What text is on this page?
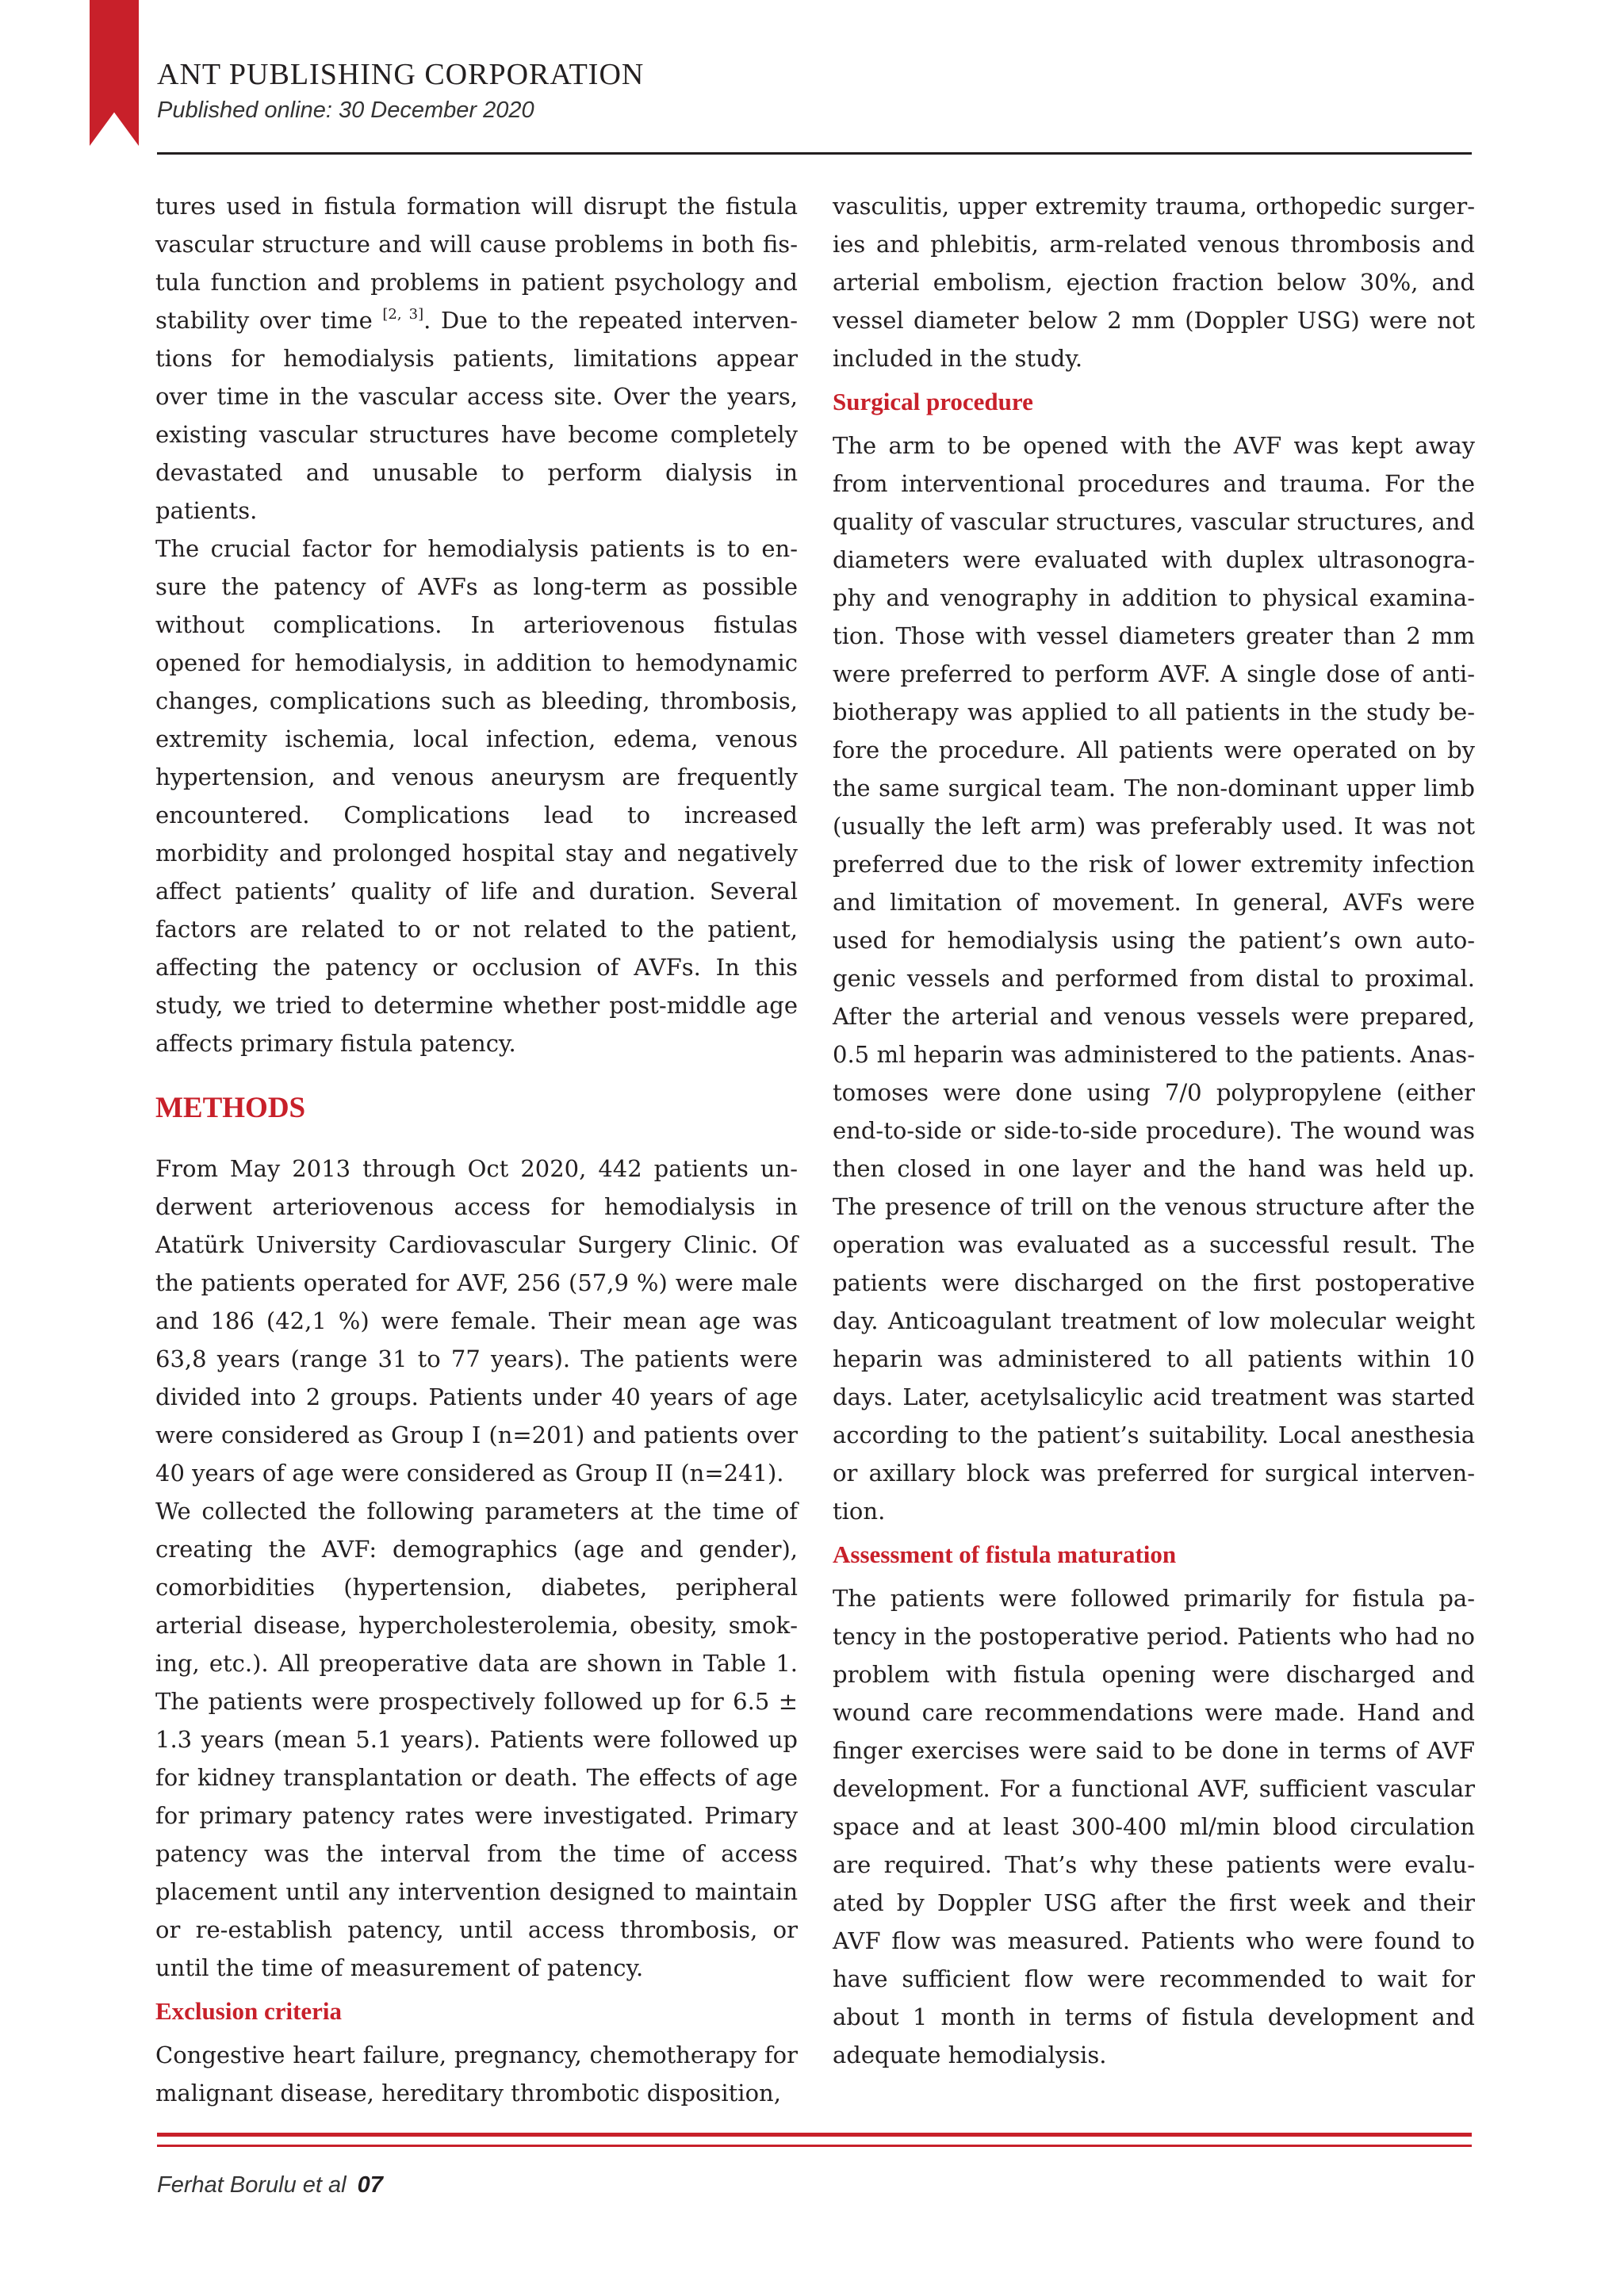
ANT PUBLISHING CORPORATION
Published online: 30 December 2020

tures used in fistula formation will disrupt the fistula vascular structure and will cause problems in both fistula function and problems in patient psychology and stability over time [2, 3]. Due to the repeated interventions for hemodialysis patients, limitations appear over time in the vascular access site. Over the years, existing vascular structures have become completely devastated and unusable to perform dialysis in patients.

The crucial factor for hemodialysis patients is to ensure the patency of AVFs as long-term as possible without complications. In arteriovenous fistulas opened for hemodialysis, in addition to hemodynamic changes, complications such as bleeding, thrombosis, extremity ischemia, local infection, edema, venous hypertension, and venous aneurysm are frequently encountered. Complications lead to increased morbidity and prolonged hospital stay and negatively affect patients’ quality of life and duration. Several factors are related to or not related to the patient, affecting the patency or occlusion of AVFs. In this study, we tried to determine whether post-middle age affects primary fistula patency.

METHODS

From May 2013 through Oct 2020, 442 patients underwent arteriovenous access for hemodialysis in Atatürk University Cardiovascular Surgery Clinic. Of the patients operated for AVF, 256 (57,9 %) were male and 186 (42,1 %) were female. Their mean age was 63,8 years (range 31 to 77 years). The patients were divided into 2 groups. Patients under 40 years of age were considered as Group I (n=201) and patients over 40 years of age were considered as Group II (n=241).

We collected the following parameters at the time of creating the AVF: demographics (age and gender), comorbidities (hypertension, diabetes, peripheral arterial disease, hypercholesterolemia, obesity, smoking, etc.). All preoperative data are shown in Table 1. The patients were prospectively followed up for 6.5 ± 1.3 years (mean 5.1 years). Patients were followed up for kidney transplantation or death. The effects of age for primary patency rates were investigated. Primary patency was the interval from the time of access placement until any intervention designed to maintain or re-establish patency, until access thrombosis, or until the time of measurement of patency.

Exclusion criteria

Congestive heart failure, pregnancy, chemotherapy for malignant disease, hereditary thrombotic disposition,

vasculitis, upper extremity trauma, orthopedic surgeries and phlebitis, arm-related venous thrombosis and arterial embolism, ejection fraction below 30%, and vessel diameter below 2 mm (Doppler USG) were not included in the study.

Surgical procedure

The arm to be opened with the AVF was kept away from interventional procedures and trauma. For the quality of vascular structures, vascular structures, and diameters were evaluated with duplex ultrasonography and venography in addition to physical examination. Those with vessel diameters greater than 2 mm were preferred to perform AVF. A single dose of antibiotherapy was applied to all patients in the study before the procedure. All patients were operated on by the same surgical team. The non-dominant upper limb (usually the left arm) was preferably used. It was not preferred due to the risk of lower extremity infection and limitation of movement. In general, AVFs were used for hemodialysis using the patient’s own autogenic vessels and performed from distal to proximal. After the arterial and venous vessels were prepared, 0.5 ml heparin was administered to the patients. Anastomoses were done using 7/0 polypropylene (either end-to-side or side-to-side procedure). The wound was then closed in one layer and the hand was held up. The presence of trill on the venous structure after the operation was evaluated as a successful result. The patients were discharged on the first postoperative day. Anticoagulant treatment of low molecular weight heparin was administered to all patients within 10 days. Later, acetylsalicylic acid treatment was started according to the patient’s suitability. Local anesthesia or axillary block was preferred for surgical intervention.

Assessment of fistula maturation

The patients were followed primarily for fistula patency in the postoperative period. Patients who had no problem with fistula opening were discharged and wound care recommendations were made. Hand and finger exercises were said to be done in terms of AVF development. For a functional AVF, sufficient vascular space and at least 300-400 ml/min blood circulation are required. That’s why these patients were evaluated by Doppler USG after the first week and their AVF flow was measured. Patients who were found to have sufficient flow were recommended to wait for about 1 month in terms of fistula development and adequate hemodialysis.

Ferhat Borulu et al 07
